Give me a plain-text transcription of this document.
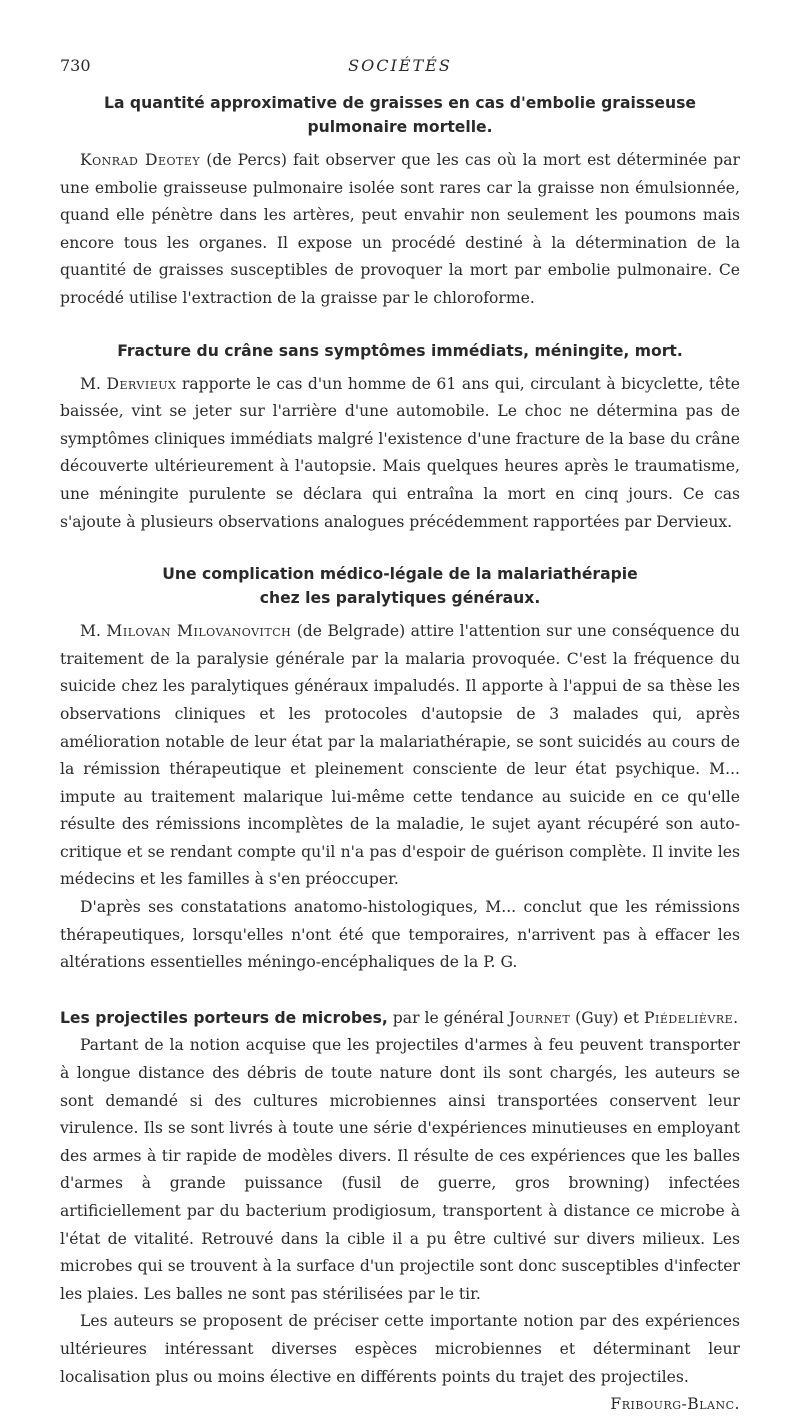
730	SOCIÉTÉS
La quantité approximative de graisses en cas d'embolie graisseuse
pulmonaire mortelle.

Konrad Deotey (de Percs) fait observer que les cas où la mort est déterminée par une embolie graisseuse pulmonaire isolée sont rares car la graisse non émulsionnée, quand elle pénètre dans les artères, peut envahir non seulement les poumons mais encore tous les organes. Il expose un procédé destiné à la détermination de la quantité de graisses susceptibles de provoquer la mort par embolie pulmonaire. Ce procédé utilise l'extraction de la graisse par le chloroforme.

Fracture du crâne sans symptômes immédiats, méningite, mort.

M. Dervieux rapporte le cas d'un homme de 61 ans qui, circulant à bicyclette, tête baissée, vint se jeter sur l'arrière d'une automobile. Le choc ne détermina pas de symptômes cliniques immédiats malgré l'existence d'une fracture de la base du crâne découverte ultérieurement à l'autopsie. Mais quelques heures après le traumatisme, une méningite purulente se déclara qui entraîna la mort en cinq jours. Ce cas s'ajoute à plusieurs observations analogues précédemment rapportées par Dervieux.

Une complication médico-légale de la malariathérapie
chez les paralytiques généraux.

M. Milovan Milovanovitch (de Belgrade) attire l'attention sur une conséquence du traitement de la paralysie générale par la malaria provoquée. C'est la fréquence du suicide chez les paralytiques généraux impaludés. Il apporte à l'appui de sa thèse les observations cliniques et les protocoles d'autopsie de 3 malades qui, après amélioration notable de leur état par la malariathérapie, se sont suicidés au cours de la rémission thérapeutique et pleinement consciente de leur état psychique. M... impute au traitement malarique lui-même cette tendance au suicide en ce qu'elle résulte des rémissions incomplètes de la maladie, le sujet ayant récupéré son auto-critique et se rendant compte qu'il n'a pas d'espoir de guérison complète. Il invite les médecins et les familles à s'en préoccuper.

D'après ses constatations anatomo-histologiques, M... conclut que les rémissions thérapeutiques, lorsqu'elles n'ont été que temporaires, n'arrivent pas à effacer les altérations essentielles méningo-encéphaliques de la P. G.

Les projectiles porteurs de microbes, par le général Journet (Guy) et Piédelièvre.

Partant de la notion acquise que les projectiles d'armes à feu peuvent transporter à longue distance des débris de toute nature dont ils sont chargés, les auteurs se sont demandé si des cultures microbiennes ainsi transportées conservent leur virulence. Ils se sont livrés à toute une série d'expériences minutieuses en employant des armes à tir rapide de modèles divers. Il résulte de ces expériences que les balles d'armes à grande puissance (fusil de guerre, gros browning) infectées artificiellement par du bacterium prodigiosum, transportent à distance ce microbe à l'état de vitalité. Retrouvé dans la cible il a pu être cultivé sur divers milieux. Les microbes qui se trouvent à la surface d'un projectile sont donc susceptibles d'infecter les plaies. Les balles ne sont pas stérilisées par le tir.

Les auteurs se proposent de préciser cette importante notion par des expériences ultérieures intéressant diverses espèces microbiennes et déterminant leur localisation plus ou moins élective en différents points du trajet des projectiles.

Fribourg-Blanc.
